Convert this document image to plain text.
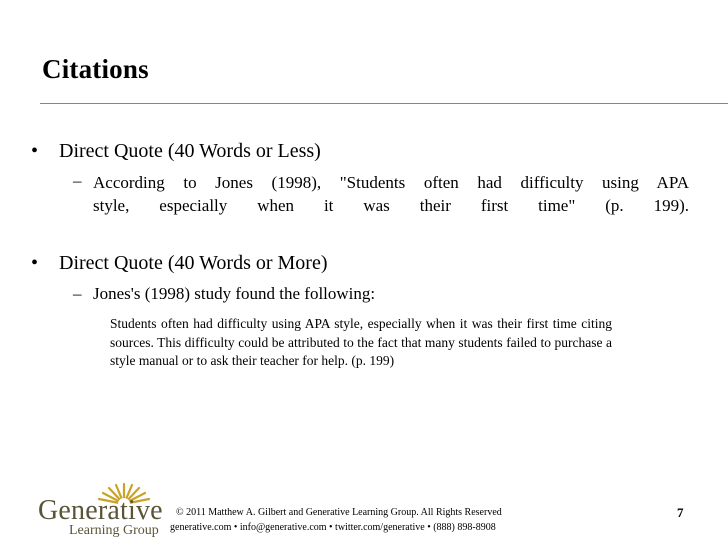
Citations
• Direct Quote (40 Words or Less)
– According to Jones (1998), "Students often had difficulty using APA
style, especially when it was their first time" (p. 199).
• Direct Quote (40 Words or More)
– Jones's (1998) study found the following:
Students often had difficulty using APA style, especially when it was their first time citing sources. This difficulty could be attributed to the fact that many students failed to purchase a style manual or to ask their teacher for help. (p. 199)
Generative
Learning Group
© 2011 Matthew A. Gilbert and Generative Learning Group. All Rights Reserved
generative.com • info@generative.com • twitter.com/generative • (888) 898-8908
7
